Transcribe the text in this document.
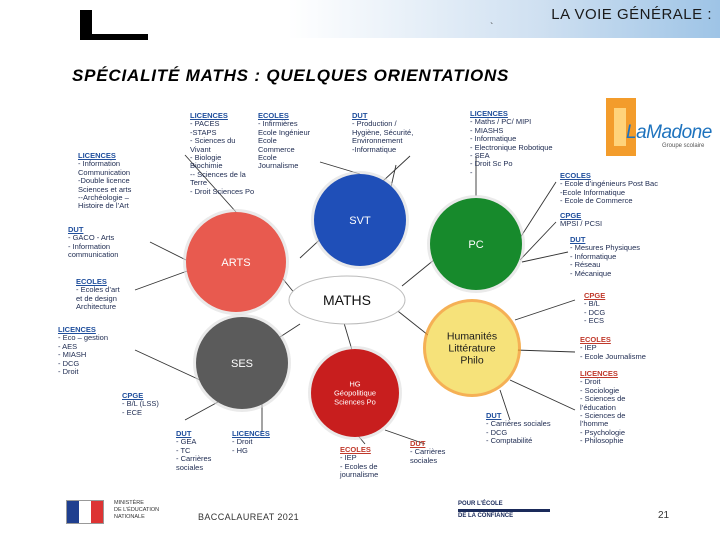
LA VOIE GÉNÉRALE :
`
SPÉCIALITÉ MATHS : QUELQUES ORIENTATIONS
LaMadone
Groupe scolaire
SVT
PC
ARTS
SES
HG
Géopolitique
Sciences Po
Humanités
Littérature
Philo
MATHS
LICENCES
- PACES
-STAPS
- Sciences du
Vivant
- Biologie
Biochimie
-- Sciences de la
Terre
- Droit Sciences Po
ECOLES
- Infirmières
Ecole Ingénieur
Ecole
Commerce
Ecole
Journalisme
DUT
- Production /
Hygiène, Sécurité,
Environnement
-Informatique
LICENCES
- Maths / PC/ MIPI
- MIASHS
- Informatique
- Electronique Robotique
- SEA
- Droit Sc Po
-	ECOLES
- Ecole d’ingénieurs Post Bac
-Ecole Informatique
- Ecole de Commerce
CPGE
MPSI / PCSI
DUT
- Mesures Physiques
- Informatique
- Réseau
- Mécanique
LICENCES
- Information
Communication
-Double licence
Sciences et arts
--Archéologie –
Histoire de l’Art
DUT
- GACO - Arts
- Information
communication
ECOLES
- Ecoles d’art
et de design
Architecture
LICENCES
- Eco – gestion
- AES
- MIASH
- DCG
- Droit
CPGE
- B/L (LSS)
- ECE
DUT
- GEA
- TC
- Carrières
sociales
LICENCES
- Droit
- HG	ECOLES
- IEP
- Ecoles de
journalisme
DUT
- Carrières
sociales
CPGE
- B/L
- DCG
- ECS
ECOLES
- IEP
- Ecole Journalisme
LICENCES
- Droit
- Sociologie
- Sciences de
l’éducation
- Sciences de
l’homme
- Psychologie
- Philosophie
DUT
- Carrières sociales
- DCG
- Comptabilité
MINISTÈRE
DE L’ÉDUCATION
NATIONALE	BACCALAUREAT 2021
POUR L’ÉCOLE
DE LA CONFIANCE	21
